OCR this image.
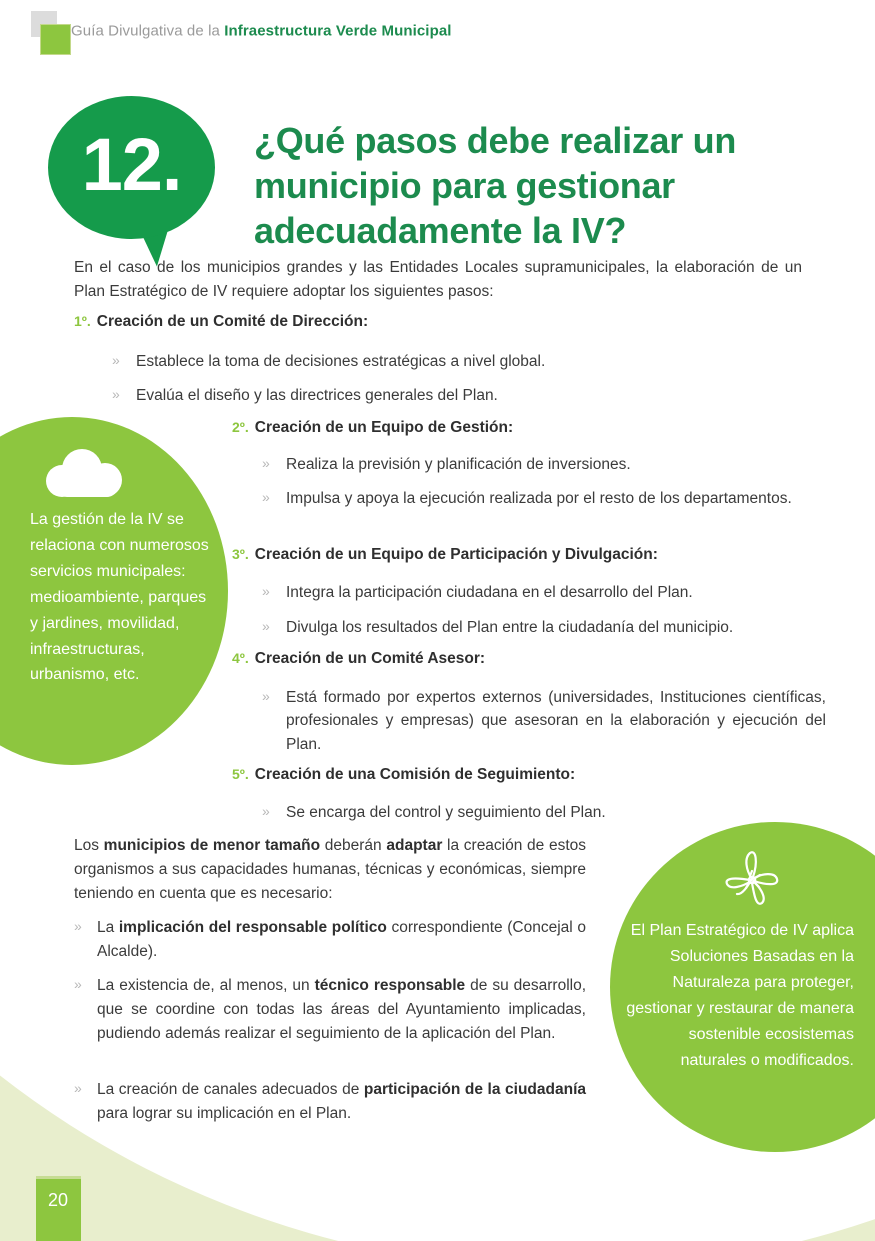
Guía Divulgativa de la Infraestructura Verde Municipal
12.	¿Qué pasos debe realizar un municipio para gestionar adecuadamente la IV?
En el caso de los municipios grandes y las Entidades Locales supramunicipales, la elaboración de un Plan Estratégico de IV requiere adoptar los siguientes pasos:
1º. Creación de un Comité de Dirección:
» Establece la toma de decisiones estratégicas a nivel global.
» Evalúa el diseño y las directrices generales del Plan.
2º. Creación de un Equipo de Gestión:
» Realiza la previsión y planificación de inversiones.
» Impulsa y apoya la ejecución realizada por el resto de los departamentos.
3º. Creación de un Equipo de Participación y Divulgación:
» Integra la participación ciudadana en el desarrollo del Plan.
» Divulga los resultados del Plan entre la ciudadanía del municipio.
4º. Creación de un Comité Asesor:
» Está formado por expertos externos (universidades, Instituciones científicas, profesionales y empresas) que asesoran en la elaboración y ejecución del Plan.
5º. Creación de una Comisión de Seguimiento:
» Se encarga del control y seguimiento del Plan.
Los municipios de menor tamaño deberán adaptar la creación de estos organismos a sus capacidades humanas, técnicas y económicas, siempre teniendo en cuenta que es necesario:
» La implicación del responsable político correspondiente (Concejal o Alcalde).
» La existencia de, al menos, un técnico responsable de su desarrollo, que se coordine con todas las áreas del Ayuntamiento implicadas, pudiendo además realizar el seguimiento de la aplicación del Plan.
» La creación de canales adecuados de participación de la ciudadanía para lograr su implicación en el Plan.
La gestión de la IV se relaciona con numerosos servicios municipales: medioambiente, parques y jardines, movilidad, infraestructuras, urbanismo, etc.
El Plan Estratégico de IV aplica Soluciones Basadas en la Naturaleza para proteger, gestionar y restaurar de manera sostenible ecosistemas naturales o modificados.
20
